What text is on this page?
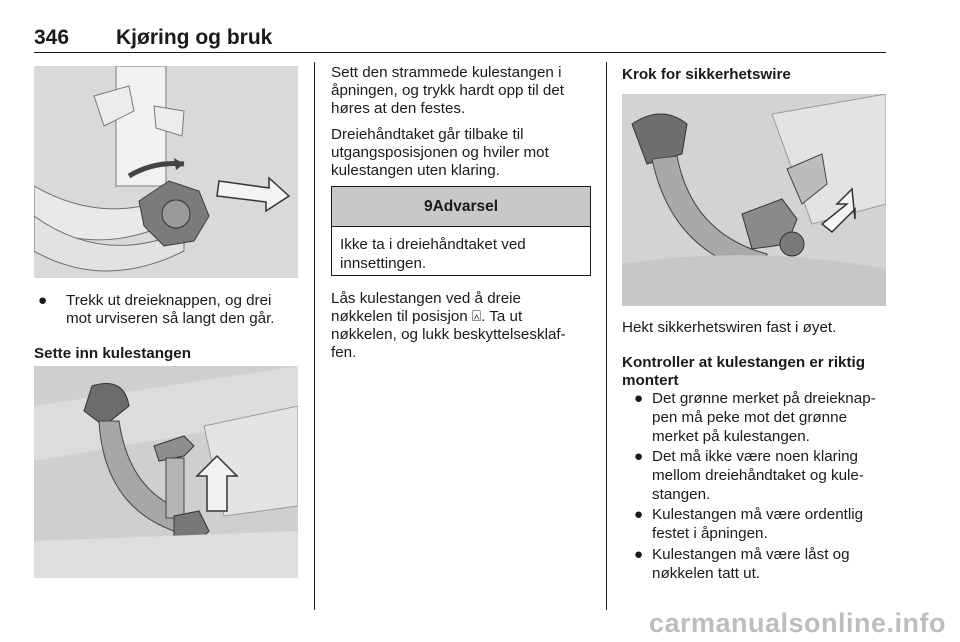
346 Kjøring og bruk
● Trekk ut dreieknappen, og drei
mot urviseren så langt den går.
Sette inn kulestangen
Sett den strammede kulestangen i
åpningen, og trykk hardt opp til det
høres at den festes.
Dreiehåndtaket går tilbake til
utgangsposisjonen og hviler mot
kulestangen uten klaring.
9Advarsel
Ikke ta i dreiehåndtaket ved
innsettingen.
Lås kulestangen ved å dreie
nøkkelen til posisjon ⍓. Ta ut
nøkkelen, og lukk beskyttelsesklaf-
fen.
Krok for sikkerhetswire
Hekt sikkerhetswiren fast i øyet.
Kontroller at kulestangen er riktig
montert
● Det grønne merket på dreieknap-
pen må peke mot det grønne
merket på kulestangen.
● Det må ikke være noen klaring
mellom dreiehåndtaket og kule-
stangen.
● Kulestangen må være ordentlig
festet i åpningen.
● Kulestangen må være låst og
nøkkelen tatt ut.
carmanualsonline.info
